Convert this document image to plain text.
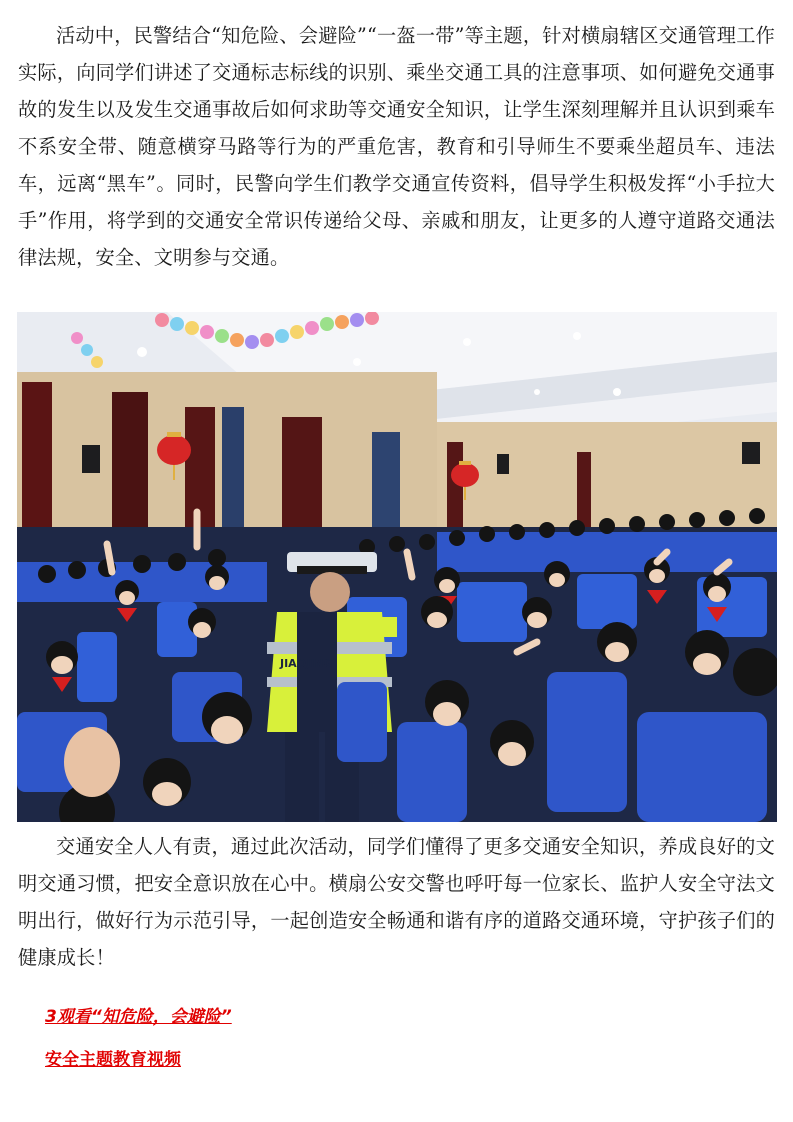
活动中，民警结合“知危险、会避险”“一盔一带”等主题，针对横扇辖区交通管理工作实际，向同学们讲述了交通标志标线的识别、乘坐交通工具的注意事项、如何避免交通事故的发生以及发生交通事故后如何求助等交通安全知识，让学生深刻理解并且认识到乘车不系安全带、随意横穿马路等行为的严重危害，教育和引导师生不要乘坐超员车、违法车，远离“黑车”。同时，民警向学生们教学交通宣传资料，倡导学生积极发挥“小手拉大手”作用，将学到的交通安全常识传递给父母、亲戚和朋友，让更多的人遵守道路交通法律法规，安全、文明参与交通。

JIAOJING

交通安全人人有责，通过此次活动，同学们懂得了更多交通安全知识，养成良好的文明交通习惯，把安全意识放在心中。横扇公安交警也呼吁每一位家长、监护人安全守法文明出行，做好行为示范引导，一起创造安全畅通和谐有序的道路交通环境，守护孩子们的健康成长！

3观看“知危险，会避险”
安全主题教育视频
